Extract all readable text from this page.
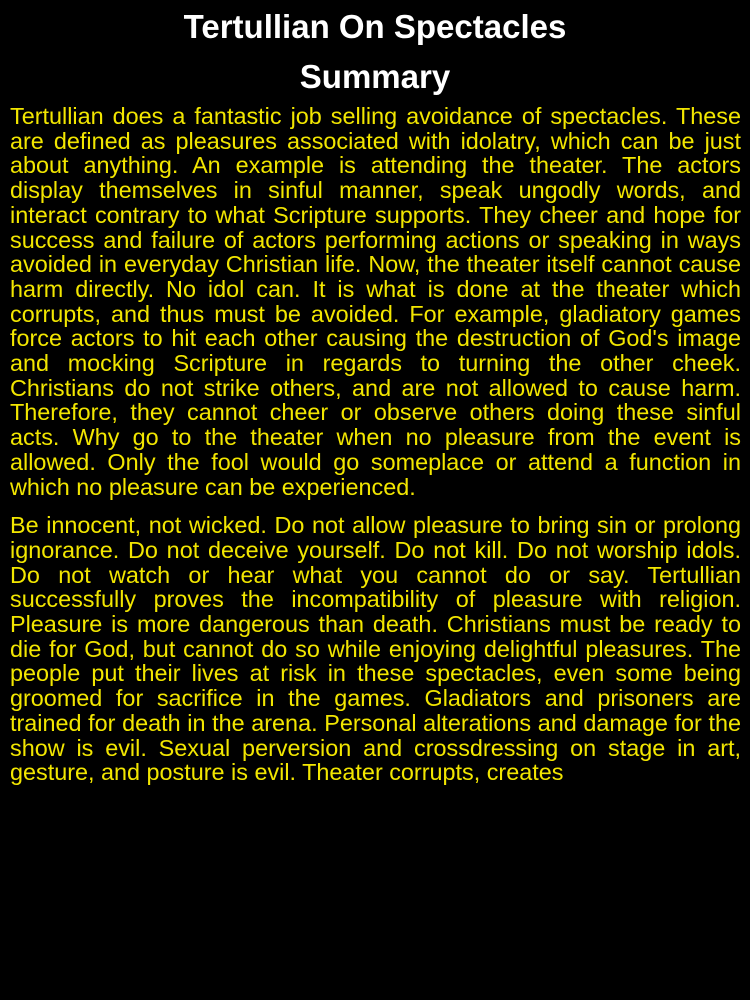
Tertullian On Spectacles
Summary

Tertullian does a fantastic job selling avoidance of spectacles. These are defined as pleasures associated with idolatry, which can be just about anything. An example is attending the theater. The actors display themselves in sinful manner, speak ungodly words, and interact contrary to what Scripture supports. They cheer and hope for success and failure of actors performing actions or speaking in ways avoided in everyday Christian life. Now, the theater itself cannot cause harm directly. No idol can. It is what is done at the theater which corrupts, and thus must be avoided. For example, gladiatory games force actors to hit each other causing the destruction of God's image and mocking Scripture in regards to turning the other cheek. Christians do not strike others, and are not allowed to cause harm. Therefore, they cannot cheer or observe others doing these sinful acts. Why go to the theater when no pleasure from the event is allowed. Only the fool would go someplace or attend a function in which no pleasure can be experienced.

Be innocent, not wicked. Do not allow pleasure to bring sin or prolong ignorance. Do not deceive yourself. Do not kill. Do not worship idols. Do not watch or hear what you cannot do or say. Tertullian successfully proves the incompatibility of pleasure with religion. Pleasure is more dangerous than death. Christians must be ready to die for God, but cannot do so while enjoying delightful pleasures. The people put their lives at risk in these spectacles, even some being groomed for sacrifice in the games. Gladiators and prisoners are trained for death in the arena. Personal alterations and damage for the show is evil. Sexual perversion and crossdressing on stage in art, gesture, and posture is evil. Theater corrupts, creates
